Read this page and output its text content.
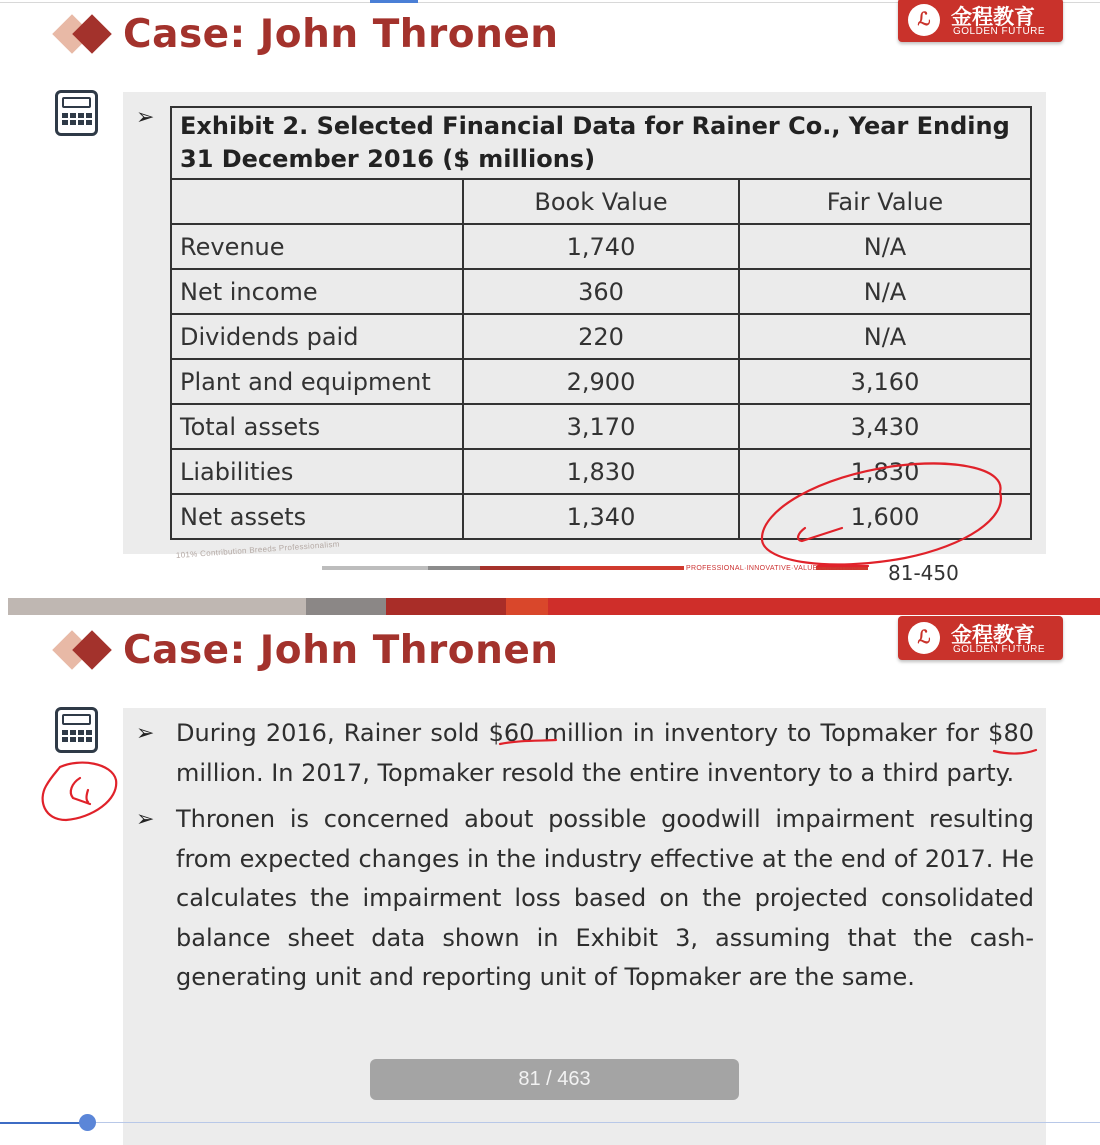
Case: John Thronen	ℒ 金程教育
GOLDEN FUTURE
➢ Exhibit 2. Selected Financial Data for Rainer Co., Year Ending 31 December 2016 ($ millions)		
	Book Value	Fair Value
Revenue	1,740	N/A
Net income	360	N/A
Dividends paid	220	N/A
Plant and equipment	2,900	3,160
Total assets	3,170	3,430
Liabilities	1,830	1,830
Net assets	1,340	1,600
101% Contribution Breeds Professionalism
PROFESSIONAL·INNOVATIVE·VALUE·CREATING 81-450
Case: John Thronen	ℒ 金程教育
GOLDEN FUTURE
➢ During 2016, Rainer sold $60 million in inventory to Topmaker for $80 million. In 2017, Topmaker resold the entire inventory to a third party.
➢ Thronen is concerned about possible goodwill impairment resulting from expected changes in the industry effective at the end of 2017. He calculates the impairment loss based on the projected consolidated balance sheet data shown in Exhibit 3, assuming that the cash-generating unit and reporting unit of Topmaker are the same.
81 / 463
